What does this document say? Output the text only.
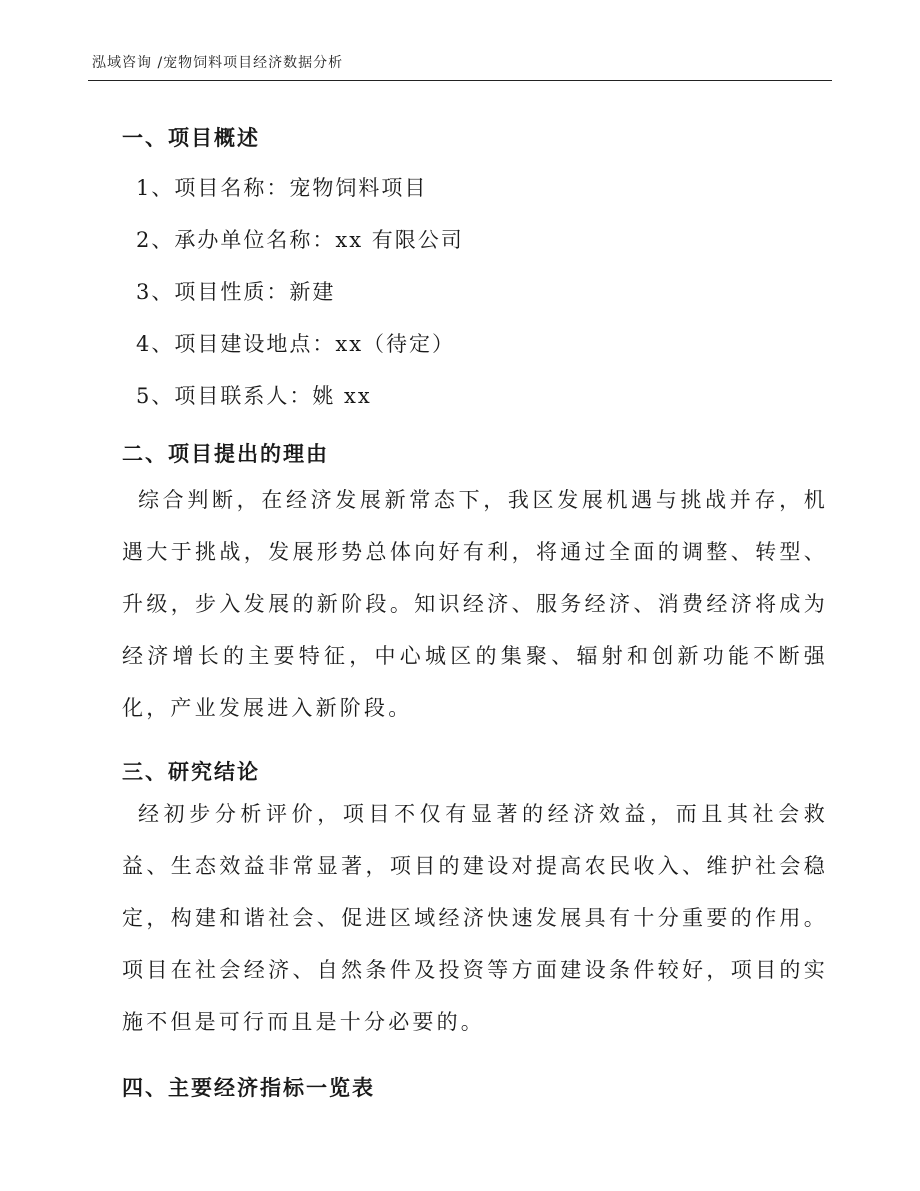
泓域咨询 /宠物饲料项目经济数据分析
一、项目概述
1、项目名称：宠物饲料项目
2、承办单位名称：xx 有限公司
3、项目性质：新建
4、项目建设地点：xx（待定）
5、项目联系人：姚 xx
二、项目提出的理由
综合判断，在经济发展新常态下，我区发展机遇与挑战并存，机遇大于挑战，发展形势总体向好有利，将通过全面的调整、转型、升级，步入发展的新阶段。知识经济、服务经济、消费经济将成为经济增长的主要特征，中心城区的集聚、辐射和创新功能不断强化，产业发展进入新阶段。
三、研究结论
经初步分析评价，项目不仅有显著的经济效益，而且其社会救益、生态效益非常显著，项目的建设对提高农民收入、维护社会稳定，构建和谐社会、促进区域经济快速发展具有十分重要的作用。项目在社会经济、自然条件及投资等方面建设条件较好，项目的实施不但是可行而且是十分必要的。
四、主要经济指标一览表
